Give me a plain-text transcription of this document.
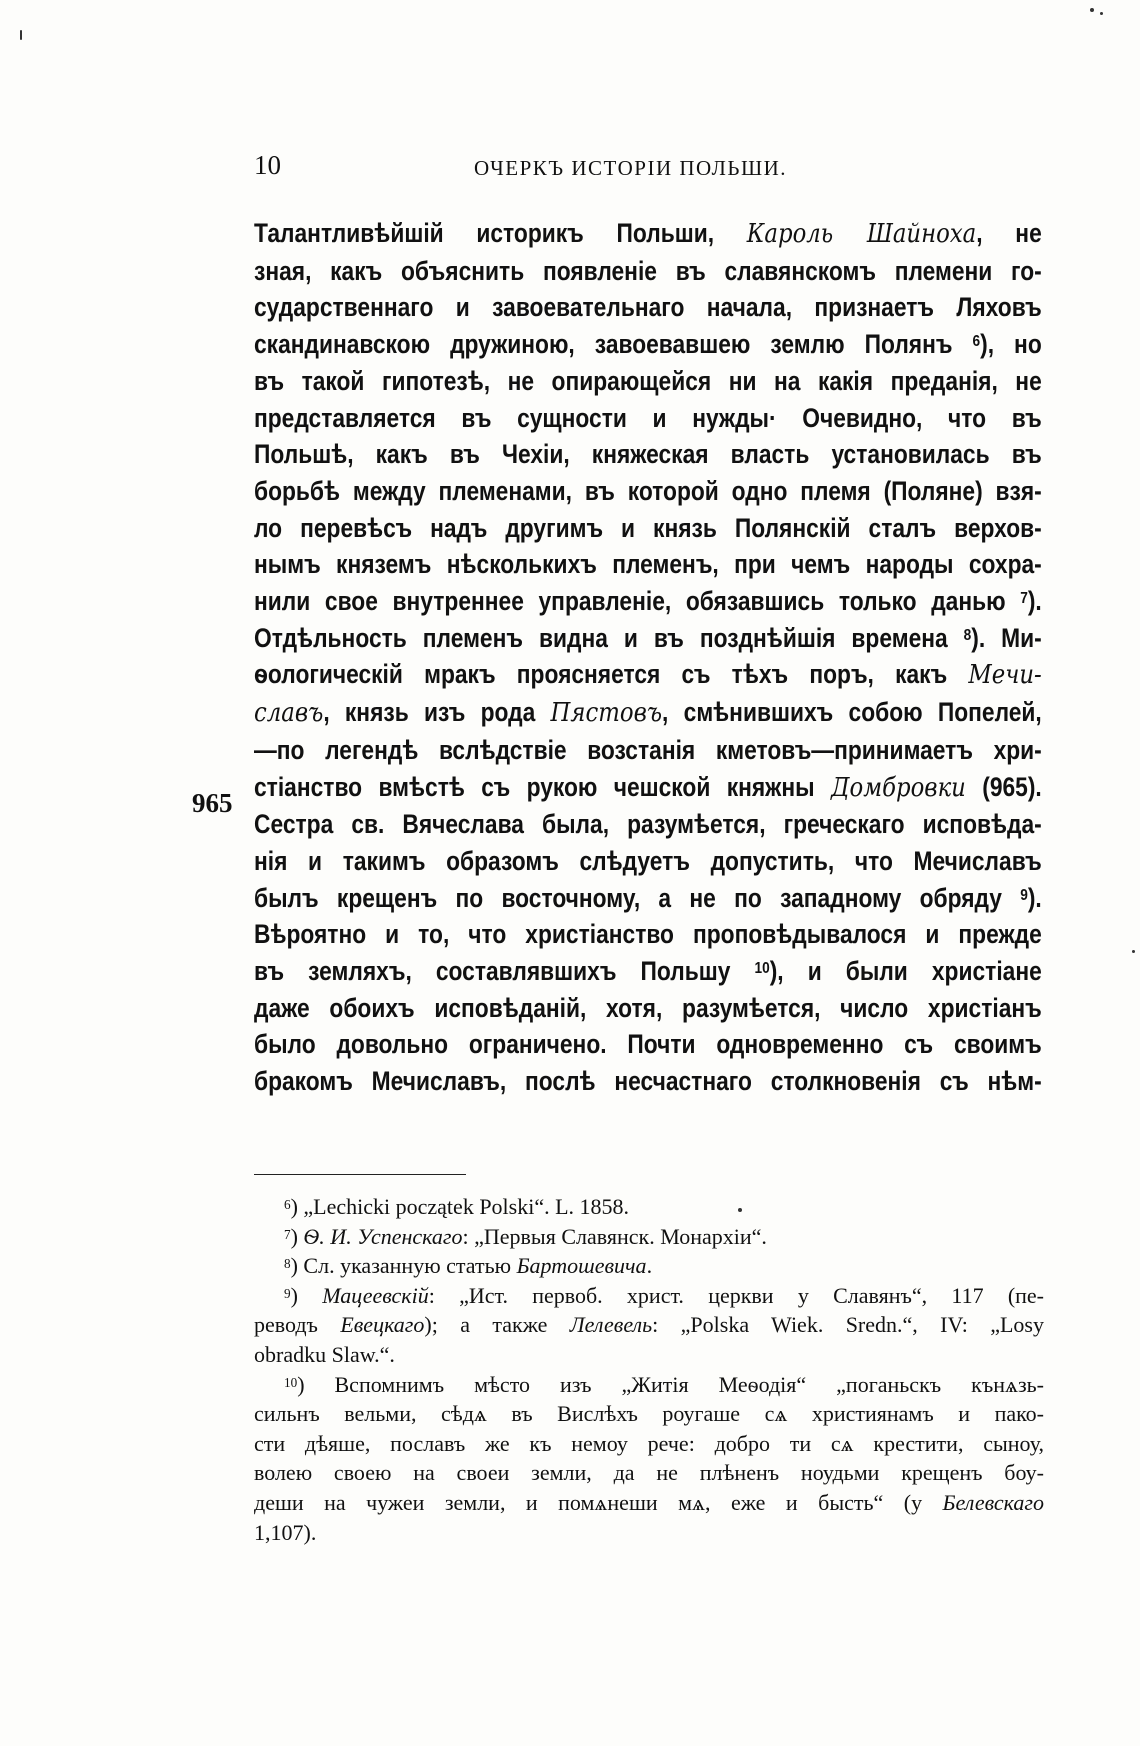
10	ОЧЕРКЪ ИСТОРІИ ПОЛЬШИ.
965
Талантливѣйшій историкъ Польши, Кароль Шайноха, не
зная, какъ объяснить появленіе въ славянскомъ племени го-
сударственнаго и завоевательнаго начала, признаетъ Ляховъ
скандинавскою дружиною, завоевавшею землю Полянъ $^6$), но
въ такой гипотезѣ, не опирающейся ни на какія преданія, не
представляется въ сущности и нужды· Очевидно, что въ
Польшѣ, какъ въ Чехіи, княжеская власть установилась въ
борьбѣ между племенами, въ которой одно племя (Поляне) взя-
ло перевѣсъ надъ другимъ и князь Полянскій сталъ верхов-
нымъ княземъ нѣсколькихъ племенъ, при чемъ народы сохра-
нили свое внутреннее управленіе, обязавшись только данью $^7$).
Отдѣльность племенъ видна и въ позднѣйшія времена $^8$). Ми-
ѳологическій мракъ проясняется съ тѣхъ поръ, какъ Мечи-
славъ, князь изъ рода Пястовъ, смѣнившихъ собою Попелей,
—по легендѣ вслѣдствіе возстанія кметовъ—принимаетъ хри-
стіанство вмѣстѣ съ рукою чешской княжны Домбровки (965).
Сестра св. Вячеслава была, разумѣется, греческаго исповѣда-
нія и такимъ образомъ слѣдуетъ допустить, что Мечиславъ
былъ крещенъ по восточному, а не по западному обряду $^9$).
Вѣроятно и то, что христіанство проповѣдывалося и прежде
въ земляхъ, составлявшихъ Польшу $^{10}$), и были христіане
даже обоихъ исповѣданій, хотя, разумѣется, число христіанъ
было довольно ограничено. Почти одновременно съ своимъ
бракомъ Мечиславъ, послѣ несчастнаго столкновенія съ нѣм-
$^6$) „Lechicki początek Polski“. L. 1858.
$^7$) Ѳ. И. Успенскаго: „Первыя Славянск. Монархіи“.
$^8$) Сл. указанную статью Бартошевича.
$^9$) Мацеевскій: „Ист. первоб. христ. церкви у Славянъ“, 117 (пе-
реводъ Евецкаго); а также Лелевель: „Polska Wiek. Sredn.“, IV: „Losy
obradku Slaw.“.
$^{10}$) Вспомнимъ мѣсто изъ „Житія Меѳодія“ „поганьскъ кънѧзь-
сильнъ вельми, сѣдѧ въ Вислѣхъ роугаше сѧ християнамъ и пако-
сти дѣяше, пославъ же къ немоу рече: добро ти сѧ крестити, сыноу,
волею своею на своеи земли, да не плѣненъ ноудьми крещенъ боу-
деши на чужеи земли, и помѧнеши мѧ, еже и бысть“ (у Белевскаго
1,107).
